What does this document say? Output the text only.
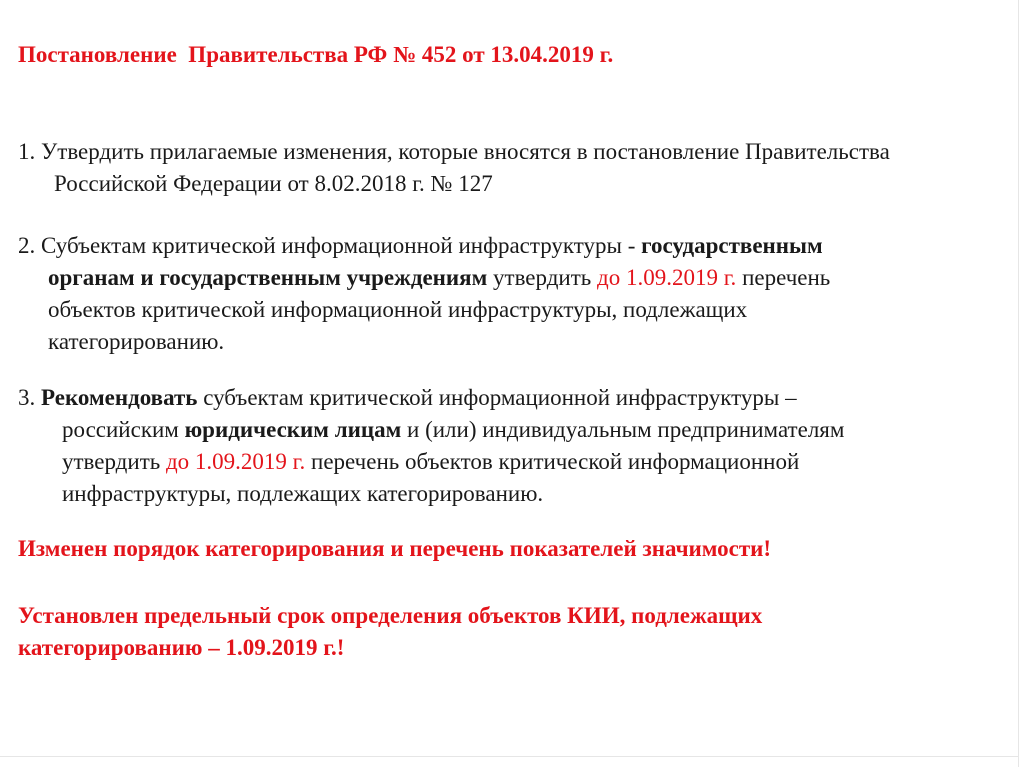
Постановление  Правительства РФ № 452 от 13.04.2019 г.

1. Утвердить прилагаемые изменения, которые вносятся в постановление Правительства
Российской Федерации от 8.02.2018 г. № 127

2. Субъектам критической информационной инфраструктуры - государственным
органам и государственным учреждениям утвердить до 1.09.2019 г. перечень
объектов критической информационной инфраструктуры, подлежащих
категорированию.

3. Рекомендовать субъектам критической информационной инфраструктуры –
российским юридическим лицам и (или) индивидуальным предпринимателям
утвердить до 1.09.2019 г. перечень объектов критической информационной
инфраструктуры, подлежащих категорированию.

Изменен порядок категорирования и перечень показателей значимости!
Установлен предельный срок определения объектов КИИ, подлежащих
категорированию – 1.09.2019 г.!
